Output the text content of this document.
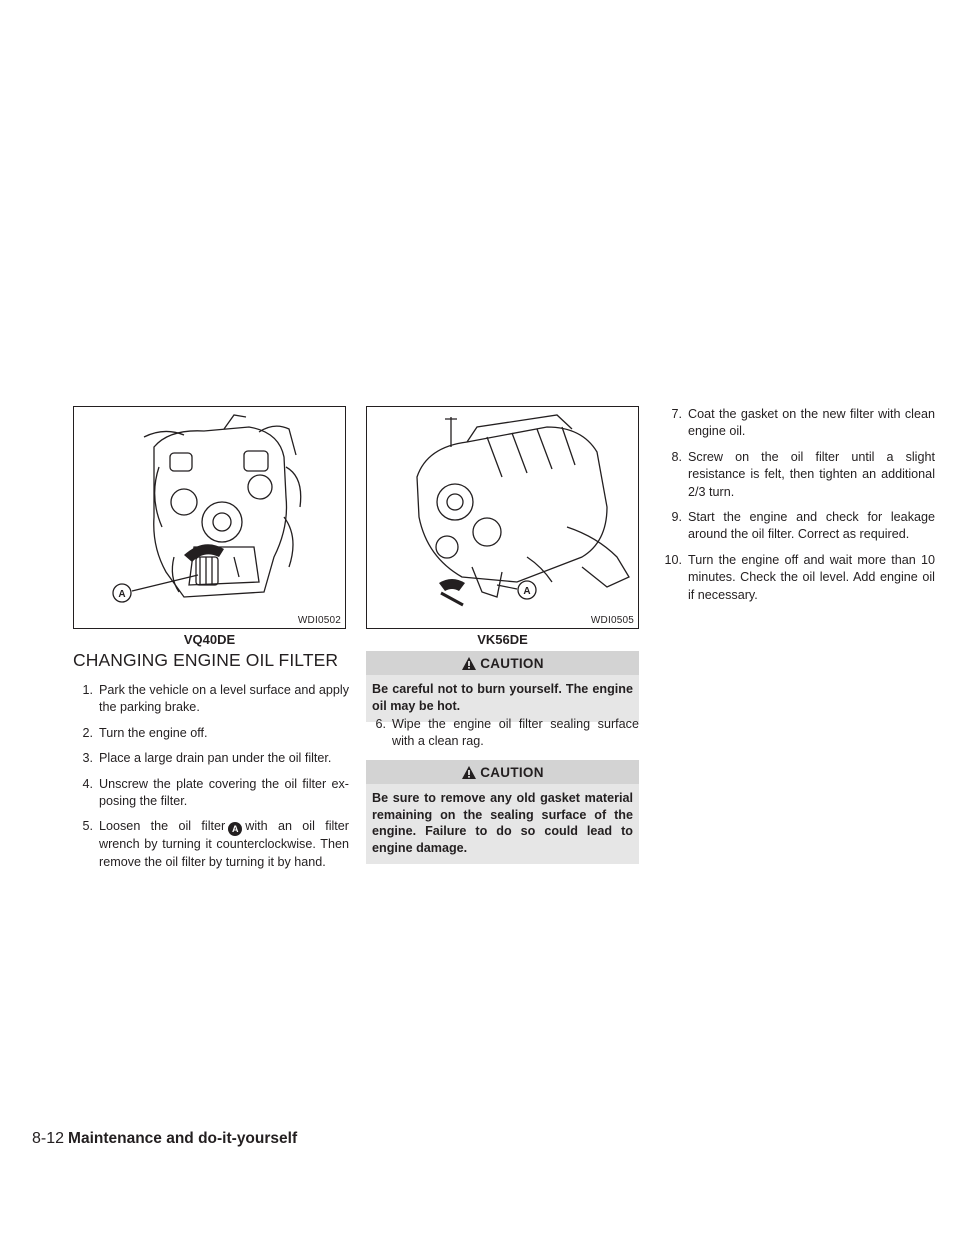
A
WDI0502
VQ40DE
A
WDI0505
VK56DE
CHANGING ENGINE OIL FILTER
1. Park the vehicle on a level surface and apply the parking brake.
2. Turn the engine off.
3. Place a large drain pan under the oil filter.
4. Unscrew the plate covering the oil filter ex-posing the filter.
5. Loosen the oil filter A with an oil filter wrench by turning it counterclockwise. Then remove the oil filter by turning it by hand.
CAUTION
Be careful not to burn yourself. The engine oil may be hot.
6. Wipe the engine oil filter sealing surface with a clean rag.
CAUTION
Be sure to remove any old gasket material remaining on the sealing surface of the engine. Failure to do so could lead to engine damage.
7. Coat the gasket on the new filter with clean engine oil.
8. Screw on the oil filter until a slight resistance is felt, then tighten an additional 2/3 turn.
9. Start the engine and check for leakage around the oil filter. Correct as required.
10. Turn the engine off and wait more than 10 minutes. Check the oil level. Add engine oil if necessary.
8-12 Maintenance and do-it-yourself
